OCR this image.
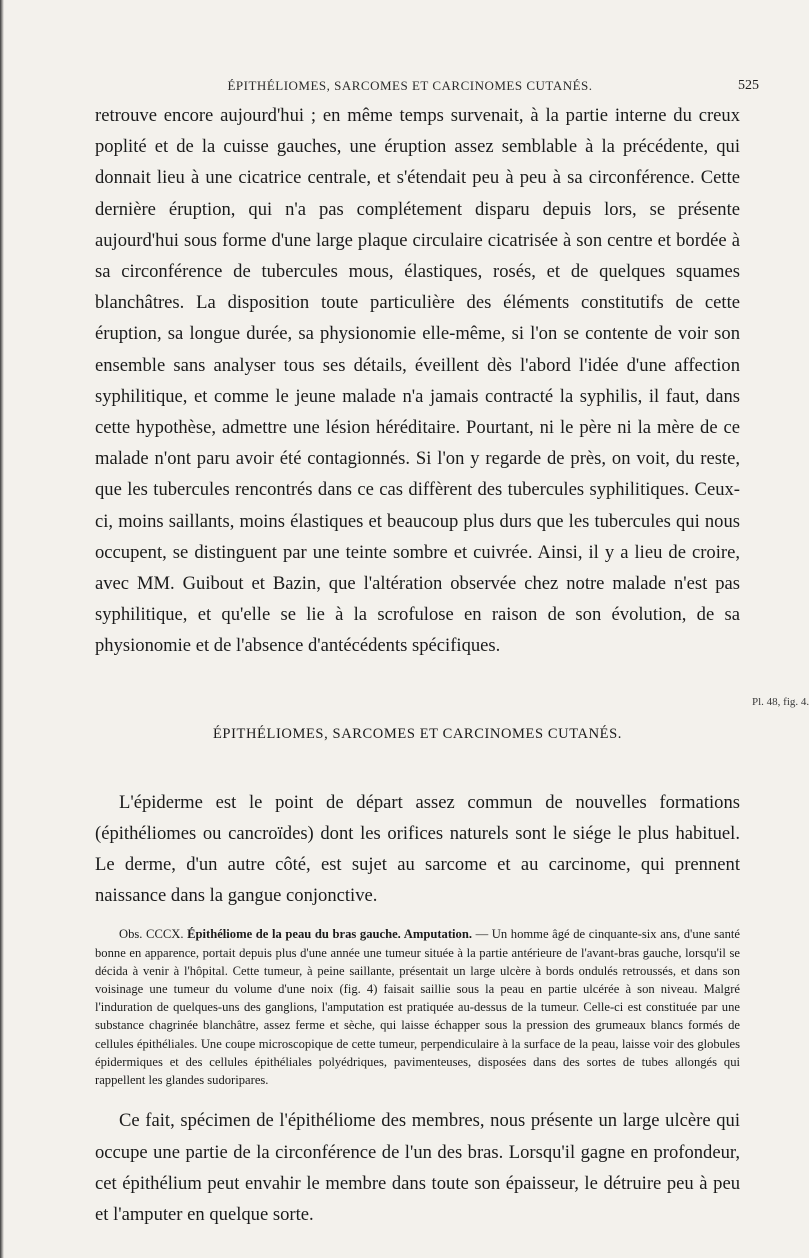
ÉPITHÉLIOMES, SARCOMES ET CARCINOMES CUTANÉS.	525

retrouve encore aujourd'hui ; en même temps survenait, à la partie interne du creux poplité et de la cuisse gauches, une éruption assez semblable à la précédente, qui donnait lieu à une cicatrice centrale, et s'étendait peu à peu à sa circonférence. Cette dernière éruption, qui n'a pas complétement disparu depuis lors, se présente aujourd'hui sous forme d'une large plaque circulaire cicatrisée à son centre et bordée à sa circonférence de tubercules mous, élastiques, rosés, et de quelques squames blanchâtres. La disposition toute particulière des éléments constitutifs de cette éruption, sa longue durée, sa physionomie elle-même, si l'on se contente de voir son ensemble sans analyser tous ses détails, éveillent dès l'abord l'idée d'une affection syphilitique, et comme le jeune malade n'a jamais contracté la syphilis, il faut, dans cette hypothèse, admettre une lésion héréditaire. Pourtant, ni le père ni la mère de ce malade n'ont paru avoir été contagionnés. Si l'on y regarde de près, on voit, du reste, que les tubercules rencontrés dans ce cas diffèrent des tubercules syphilitiques. Ceux-ci, moins saillants, moins élastiques et beaucoup plus durs que les tubercules qui nous occupent, se distinguent par une teinte sombre et cuivrée. Ainsi, il y a lieu de croire, avec MM. Guibout et Bazin, que l'altération observée chez notre malade n'est pas syphilitique, et qu'elle se lie à la scrofulose en raison de son évolution, de sa physionomie et de l'absence d'antécédents spécifiques.

ÉPITHÉLIOMES, SARCOMES ET CARCINOMES CUTANÉS.

L'épiderme est le point de départ assez commun de nouvelles formations (épithéliomes ou cancroïdes) dont les orifices naturels sont le siége le plus habituel. Le derme, d'un autre côté, est sujet au sarcome et au carcinome, qui prennent naissance dans la gangue conjonctive.

Obs. CCCX. Épithéliome de la peau du bras gauche. Amputation. — Un homme âgé de cinquante-six ans, d'une santé bonne en apparence, portait depuis plus d'une année une tumeur située à la partie antérieure de l'avant-bras gauche, lorsqu'il se décida à venir à l'hôpital. Cette tumeur, à peine saillante, présentait un large ulcère à bords ondulés retroussés, et dans son voisinage une tumeur du volume d'une noix (fig. 4) faisait saillie sous la peau en partie ulcérée à son niveau. Malgré l'induration de quelques-uns des ganglions, l'amputation est pratiquée au-dessus de la tumeur. Celle-ci est constituée par une substance chagrinée blanchâtre, assez ferme et sèche, qui laisse échapper sous la pression des grumeaux blancs formés de cellules épithéliales. Une coupe microscopique de cette tumeur, perpendiculaire à la surface de la peau, laisse voir des globules épidermiques et des cellules épithéliales polyédriques, pavimenteuses, disposées dans des sortes de tubes allongés qui rappellent les glandes sudoripares.

Ce fait, spécimen de l'épithéliome des membres, nous présente un large ulcère qui occupe une partie de la circonférence de l'un des bras. Lorsqu'il gagne en profondeur, cet épithélium peut envahir le membre dans toute son épaisseur, le détruire peu à peu et l'amputer en quelque sorte.

Pl. 48, fig. 4.
